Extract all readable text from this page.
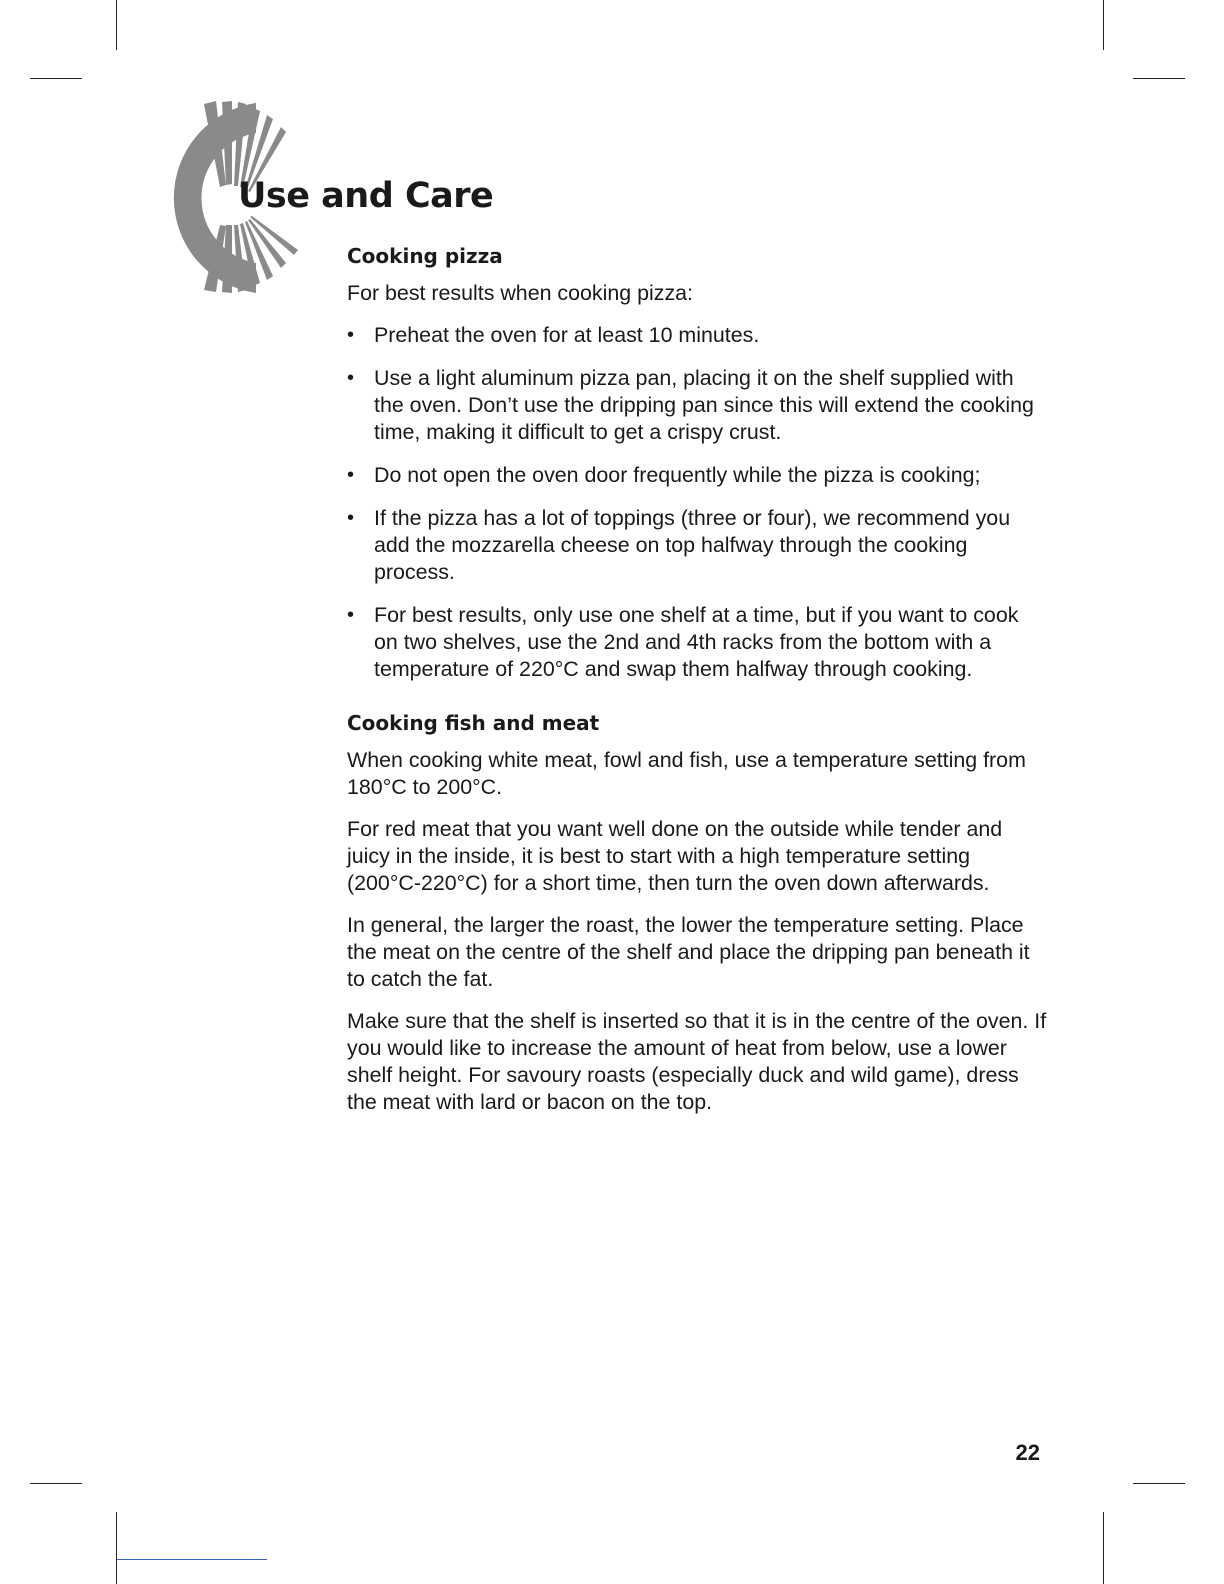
Use and Care
Cooking pizza

For best results when cooking pizza:

• Preheat the oven for at least 10 minutes.
• Use a light aluminum pizza pan, placing it on the shelf supplied with the oven. Don’t use the dripping pan since this will extend the cooking time, making it difficult to get a crispy crust.
• Do not open the oven door frequently while the pizza is cooking;
• If the pizza has a lot of toppings (three or four), we recommend you add the mozzarella cheese on top halfway through the cooking process.
• For best results, only use one shelf at a time, but if you want to cook on two shelves, use the 2nd and 4th racks from the bottom with a temperature of 220°C and swap them halfway through cooking.
Cooking fish and meat

When cooking white meat, fowl and fish, use a temperature setting from 180°C to 200°C.

For red meat that you want well done on the outside while tender and juicy in the inside, it is best to start with a high temperature setting (200°C-220°C) for a short time, then turn the oven down afterwards.

In general, the larger the roast, the lower the temperature setting. Place the meat on the centre of the shelf and place the dripping pan beneath it to catch the fat.

Make sure that the shelf is inserted so that it is in the centre of the oven. If you would like to increase the amount of heat from below, use a lower shelf height. For savoury roasts (especially duck and wild game), dress the meat with lard or bacon on the top.

22
